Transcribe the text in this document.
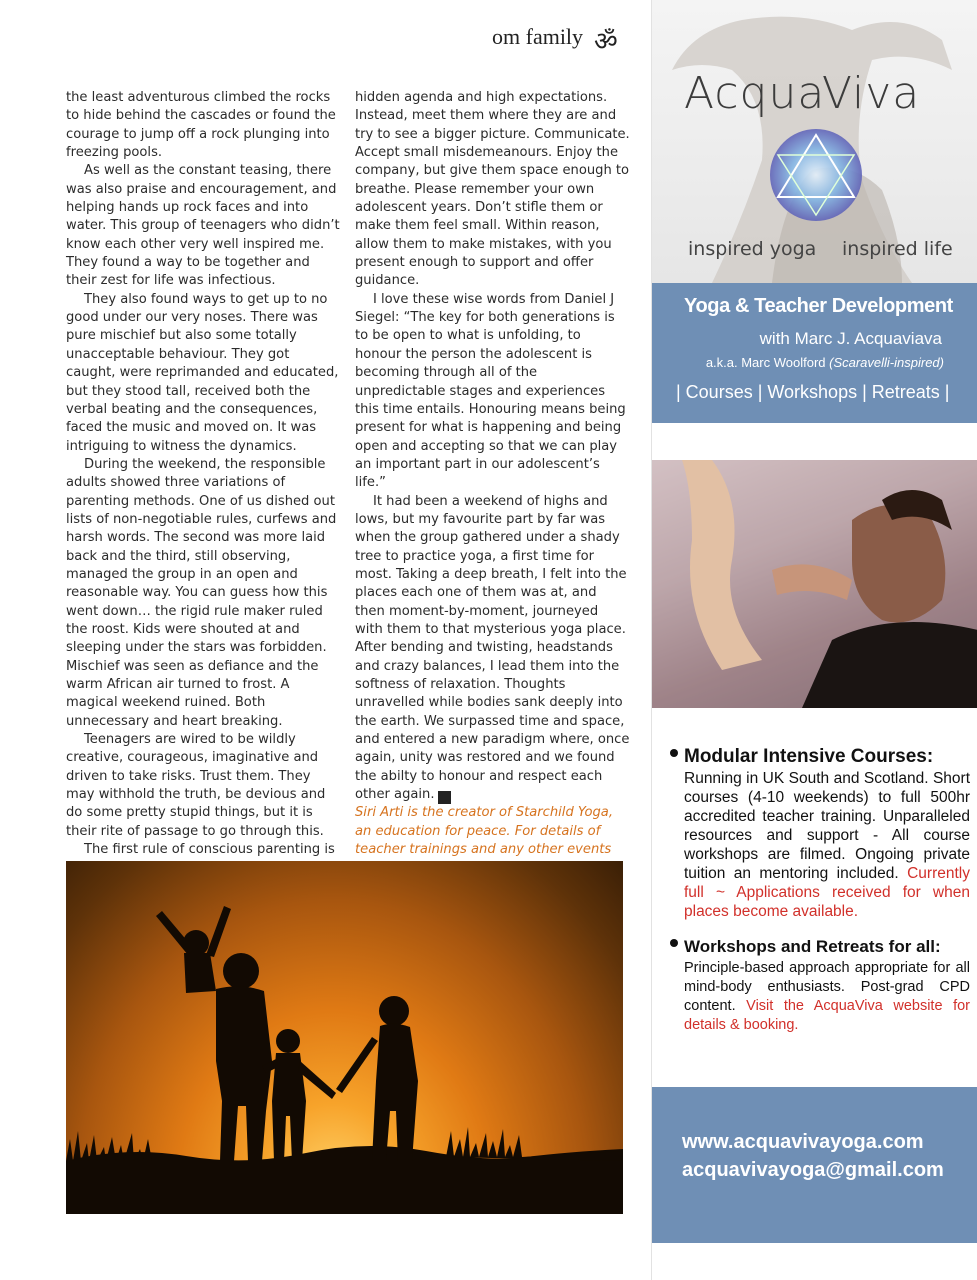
om family ॐ

the least adventurous climbed the rocks to hide behind the cascades or found the courage to jump off a rock plunging into freezing pools.

As well as the constant teasing, there was also praise and encouragement, and helping hands up rock faces and into water. This group of teenagers who didn’t know each other very well inspired me. They found a way to be together and their zest for life was infectious.

They also found ways to get up to no good under our very noses. There was pure mischief but also some totally unacceptable behaviour. They got caught, were reprimanded and educated, but they stood tall, received both the verbal beating and the consequences, faced the music and moved on. It was intriguing to witness the dynamics.

During the weekend, the responsible adults showed three variations of parenting methods. One of us dished out lists of non-negotiable rules, curfews and harsh words. The second was more laid back and the third, still observing, managed the group in an open and reasonable way. You can guess how this went down… the rigid rule maker ruled the roost. Kids were shouted at and sleeping under the stars was forbidden. Mischief was seen as defiance and the warm African air turned to frost. A magical weekend ruined. Both unnecessary and heart breaking.

Teenagers are wired to be wildly creative, courageous, imaginative and driven to take risks. Trust them. They may withhold the truth, be devious and do some pretty stupid things, but it is their rite of passage to go through this.

The first rule of conscious parenting is

hidden agenda and high expectations. Instead, meet them where they are and try to see a bigger picture. Communicate. Accept small misdemeanours. Enjoy the company, but give them space enough to breathe. Please remember your own adolescent years. Don’t stifle them or make them feel small. Within reason, allow them to make mistakes, with you present enough to support and offer guidance.

I love these wise words from Daniel J Siegel: “The key for both generations is to be open to what is unfolding, to honour the person the adolescent is becoming through all of the unpredictable stages and experiences this time entails. Honouring means being present for what is happening and being open and accepting so that we can play an important part in our adolescent’s life.”

It had been a weekend of highs and lows, but my favourite part by far was when the group gathered under a shady tree to practice yoga, a first time for most. Taking a deep breath, I felt into the places each one of them was at, and then moment-by-moment, journeyed with them to that mysterious yoga place. After bending and twisting, headstands and crazy balances, I lead them into the softness of relaxation. Thoughts unravelled while bodies sank deeply into the earth. We surpassed time and space, and entered a new paradigm where, once again, unity was restored and we found the abilty to honour and respect each other again. ॐ

Siri Arti is the creator of Starchild Yoga, an education for peace. For details of teacher trainings and any other events

AcquaViva
inspired yoga inspired life
Yoga & Teacher Development
with Marc J. Acquaviava
a.k.a. Marc Woolford (Scaravelli-inspired)
| Courses | Workshops | Retreats |
Modular Intensive Courses:
Running in UK South and Scotland. Short courses (4-10 weekends) to full 500hr accredited teacher training. Unparalleled resources and support - All course workshops are filmed. Ongoing private tuition an mentoring included. Currently full ~ Applications received for when places become available.
Workshops and Retreats for all:
Principle-based approach appropriate for all mind-body enthusiasts. Post-grad CPD content. Visit the AcquaViva website for details & booking.
www.acquavivayoga.com
acquavivayoga@gmail.com
